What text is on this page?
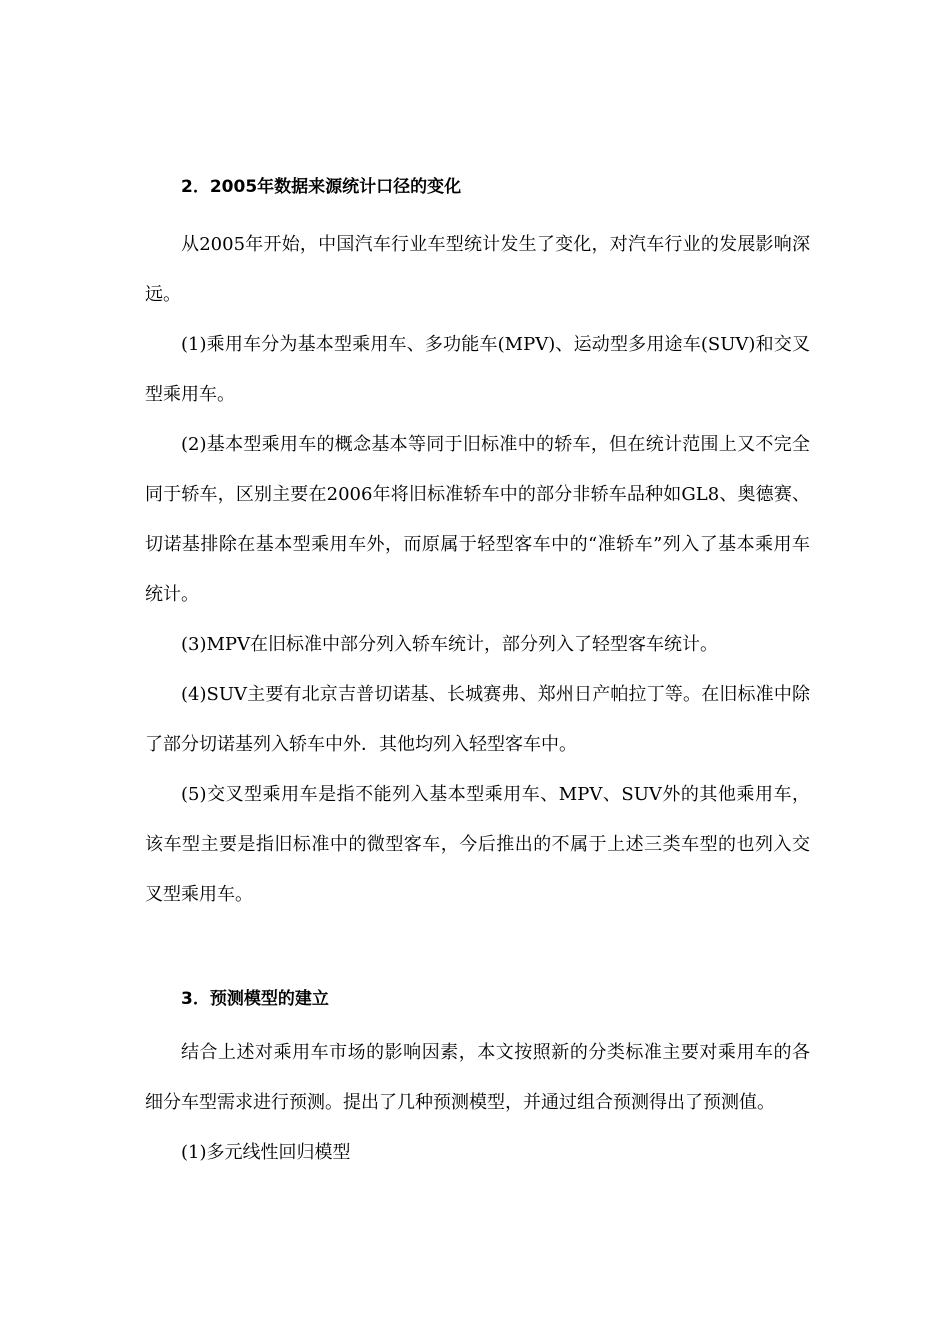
2．2005年数据来源统计口径的变化

从2005年开始，中国汽车行业车型统计发生了变化，对汽车行业的发展影响深远。

(1)乘用车分为基本型乘用车、多功能车(MPV)、运动型多用途车(SUV)和交叉型乘用车。

(2)基本型乘用车的概念基本等同于旧标准中的轿车，但在统计范围上又不完全同于轿车，区别主要在2006年将旧标准轿车中的部分非轿车品种如GL8、奥德赛、切诺基排除在基本型乘用车外，而原属于轻型客车中的“准轿车”列入了基本乘用车统计。

(3)MPV在旧标准中部分列入轿车统计，部分列入了轻型客车统计。

(4)SUV主要有北京吉普切诺基、长城赛弗、郑州日产帕拉丁等。在旧标准中除了部分切诺基列入轿车中外．其他均列入轻型客车中。

(5)交叉型乘用车是指不能列入基本型乘用车、MPV、SUV外的其他乘用车，该车型主要是指旧标准中的微型客车，今后推出的不属于上述三类车型的也列入交叉型乘用车。

3．预测模型的建立

结合上述对乘用车市场的影响因素，本文按照新的分类标准主要对乘用车的各细分车型需求进行预测。提出了几种预测模型，并通过组合预测得出了预测值。

(1)多元线性回归模型
